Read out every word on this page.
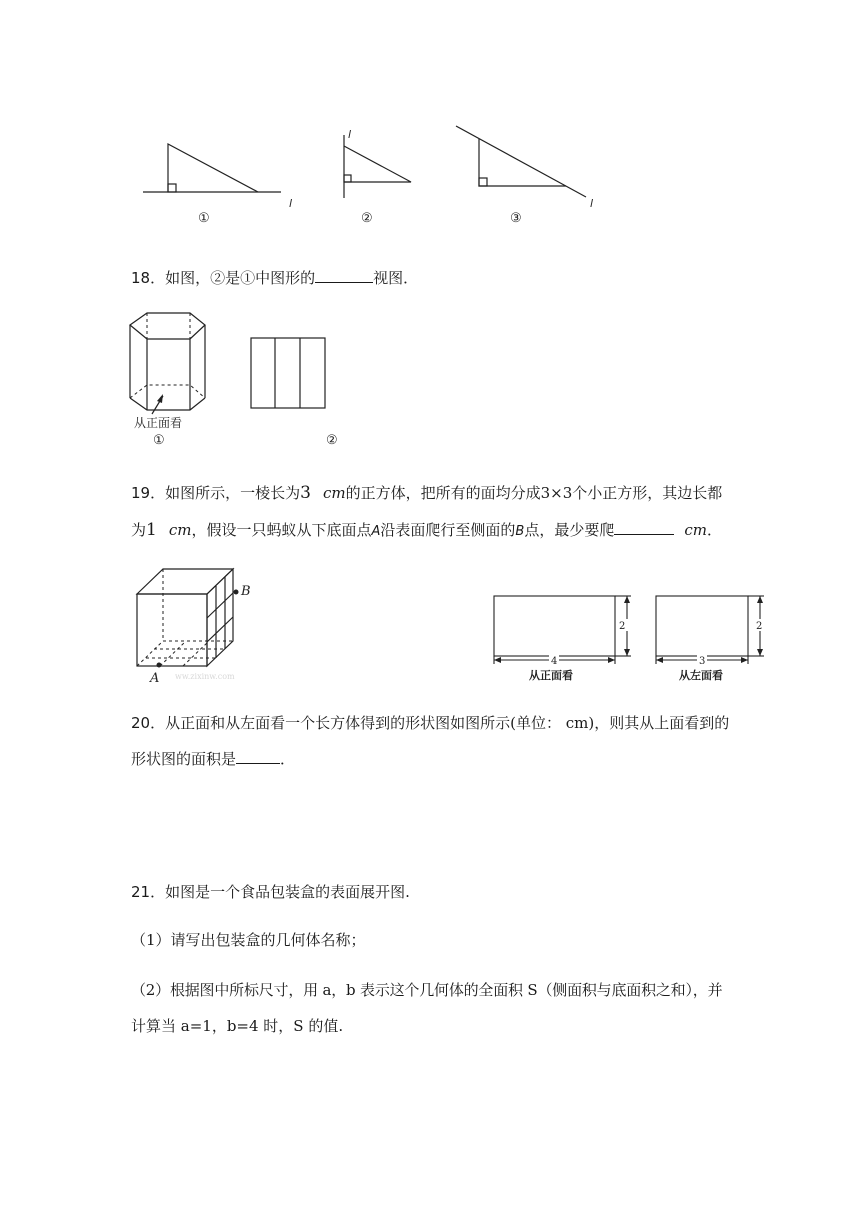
l
l
l
①	②	③
18．如图，②是①中图形的	视图．
从正面看
①	②
19．如图所示，一棱长为3 cm的正方体，把所有的面均分成3×3个小正方形，其边长都
为1 cm，假设一只蚂蚁从下底面点A沿表面爬行至侧面的B点，最少要爬	cm．
A
B
ww.zixinw.com
4
2
3
2
从正面看	从左面看
20．从正面和从左面看一个长方体得到的形状图如图所示(单位： cm)，则其从上面看到的
形状图的面积是	．
21．如图是一个食品包装盒的表面展开图.
（1）请写出包装盒的几何体名称；
（2）根据图中所标尺寸，用 a，b 表示这个几何体的全面积 S（侧面积与底面积之和），并
计算当 a=1，b=4 时，S 的值.
